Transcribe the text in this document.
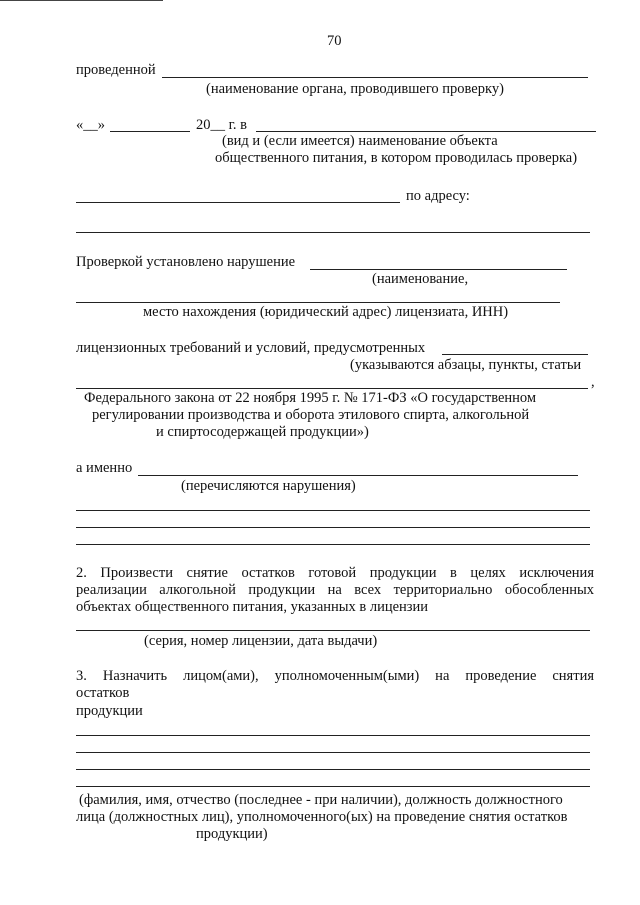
70
проведенной
(наименование органа, проводившего проверку)
«__»	20__ г. в
(вид и (если имеется) наименование объекта
общественного питания, в котором проводилась проверка)
по адресу:
Проверкой установлено нарушение
(наименование,
место нахождения (юридический адрес) лицензиата, ИНН)
лицензионных требований и условий, предусмотренных
(указываются абзацы, пункты, статьи
,
Федерального закона от 22 ноября 1995 г. № 171-ФЗ «О государственном
регулировании производства и оборота этилового спирта, алкогольной
и спиртосодержащей продукции»)
а именно
(перечисляются нарушения)
2. Произвести снятие остатков готовой продукции в целях исключения
реализации алкогольной продукции на всех территориально обособленных
объектах общественного питания, указанных в лицензии
(серия, номер лицензии, дата выдачи)
3. Назначить лицом(ами), уполномоченным(ыми) на проведение снятия
остатков
продукции
(фамилия, имя, отчество (последнее - при наличии), должность должностного
лица (должностных лиц), уполномоченного(ых) на проведение снятия остатков
продукции)
